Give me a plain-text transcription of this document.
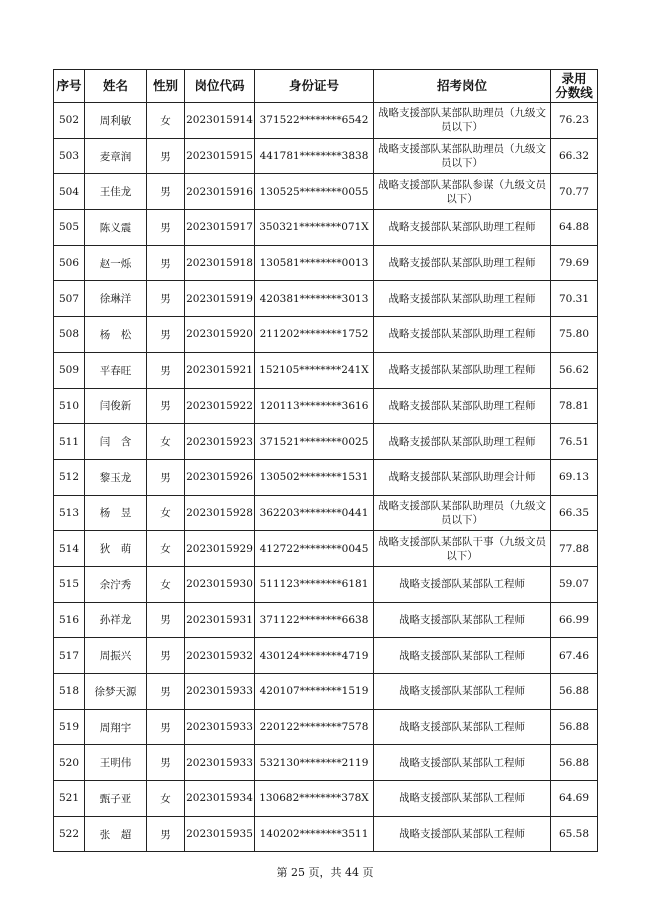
序号	姓名	性别	岗位代码	身份证号	招考岗位	录用
分数线

502	周利敏	女	2023015914	371522********6542	战略支援部队某部队助理员（九级文员以下）	76.23
503	麦章润	男	2023015915	441781********3838	战略支援部队某部队助理员（九级文员以下）	66.32
504	王佳龙	男	2023015916	130525********0055	战略支援部队某部队参谋（九级文员以下）	70.77
505	陈义震	男	2023015917	350321********071X	战略支援部队某部队助理工程师	64.88
506	赵一烁	男	2023015918	130581********0013	战略支援部队某部队助理工程师	79.69
507	徐琳洋	男	2023015919	420381********3013	战略支援部队某部队助理工程师	70.31
508	杨　松	男	2023015920	211202********1752	战略支援部队某部队助理工程师	75.80
509	平春旺	男	2023015921	152105********241X	战略支援部队某部队助理工程师	56.62
510	闫俊新	男	2023015922	120113********3616	战略支援部队某部队助理工程师	78.81
511	闫　含	女	2023015923	371521********0025	战略支援部队某部队助理工程师	76.51
512	黎玉龙	男	2023015926	130502********1531	战略支援部队某部队助理会计师	69.13
513	杨　昱	女	2023015928	362203********0441	战略支援部队某部队助理员（九级文员以下）	66.35
514	狄　萌	女	2023015929	412722********0045	战略支援部队某部队干事（九级文员以下）	77.88
515	余泞秀	女	2023015930	511123********6181	战略支援部队某部队工程师	59.07
516	孙祥龙	男	2023015931	371122********6638	战略支援部队某部队工程师	66.99
517	周振兴	男	2023015932	430124********4719	战略支援部队某部队工程师	67.46
518	徐梦天源	男	2023015933	420107********1519	战略支援部队某部队工程师	56.88
519	周翔宇	男	2023015933	220122********7578	战略支援部队某部队工程师	56.88
520	王明伟	男	2023015933	532130********2119	战略支援部队某部队工程师	56.88
521	甄子亚	女	2023015934	130682********378X	战略支援部队某部队工程师	64.69
522	张　超	男	2023015935	140202********3511	战略支援部队某部队工程师	65.58
第 25 页，共 44 页
